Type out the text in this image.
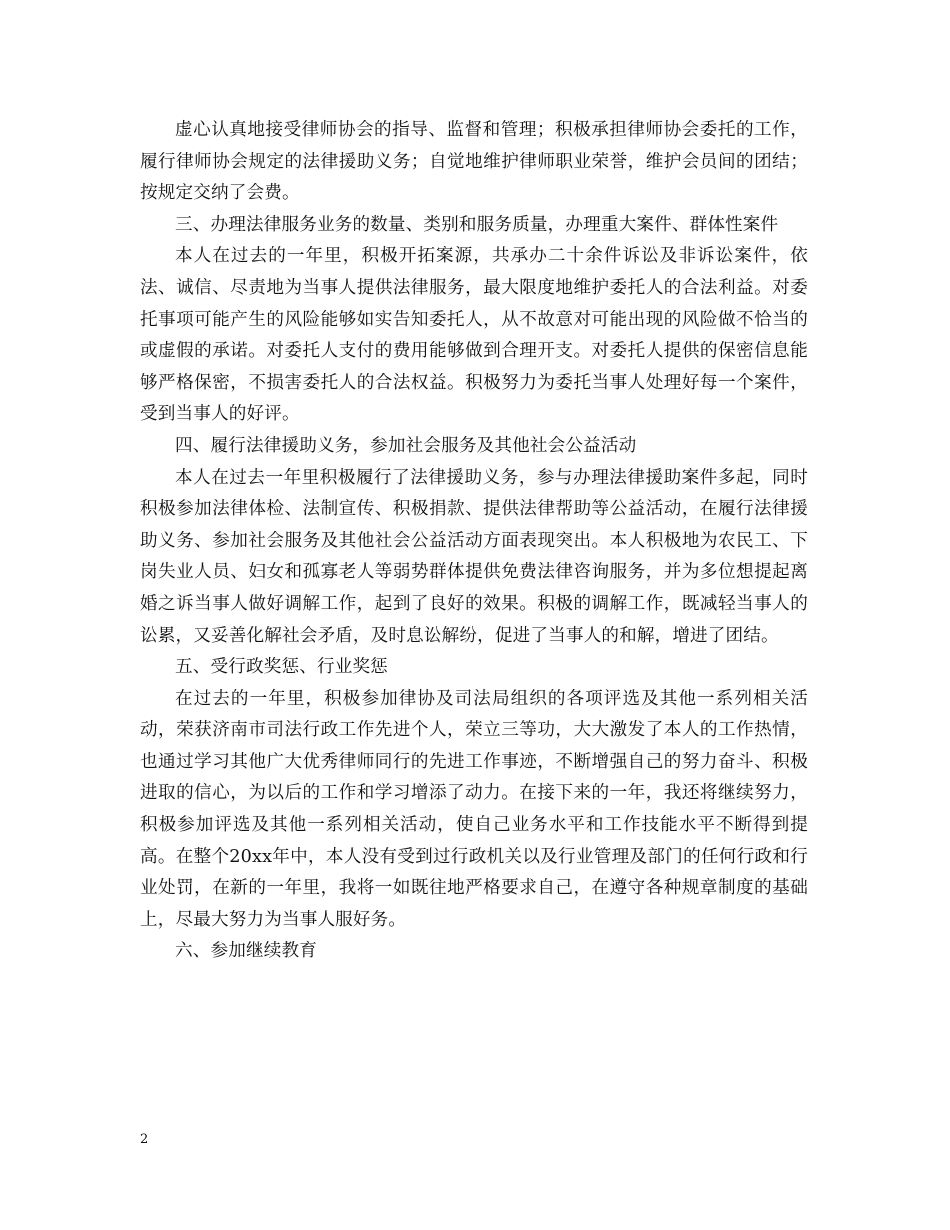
虚心认真地接受律师协会的指导、监督和管理；积极承担律师协会委托的工作，履行律师协会规定的法律援助义务；自觉地维护律师职业荣誉，维护会员间的团结；按规定交纳了会费。

三、办理法律服务业务的数量、类别和服务质量，办理重大案件、群体性案件

本人在过去的一年里，积极开拓案源，共承办二十余件诉讼及非诉讼案件，依法、诚信、尽责地为当事人提供法律服务，最大限度地维护委托人的合法利益。对委托事项可能产生的风险能够如实告知委托人，从不故意对可能出现的风险做不恰当的或虚假的承诺。对委托人支付的费用能够做到合理开支。对委托人提供的保密信息能够严格保密，不损害委托人的合法权益。积极努力为委托当事人处理好每一个案件，受到当事人的好评。

四、履行法律援助义务，参加社会服务及其他社会公益活动

本人在过去一年里积极履行了法律援助义务，参与办理法律援助案件多起，同时积极参加法律体检、法制宣传、积极捐款、提供法律帮助等公益活动，在履行法律援助义务、参加社会服务及其他社会公益活动方面表现突出。本人积极地为农民工、下岗失业人员、妇女和孤寡老人等弱势群体提供免费法律咨询服务，并为多位想提起离婚之诉当事人做好调解工作，起到了良好的效果。积极的调解工作，既减轻当事人的讼累，又妥善化解社会矛盾，及时息讼解纷，促进了当事人的和解，增进了团结。

五、受行政奖惩、行业奖惩

在过去的一年里，积极参加律协及司法局组织的各项评选及其他一系列相关活动，荣获济南市司法行政工作先进个人，荣立三等功，大大激发了本人的工作热情，也通过学习其他广大优秀律师同行的先进工作事迹，不断增强自己的努力奋斗、积极进取的信心，为以后的工作和学习增添了动力。在接下来的一年，我还将继续努力，积极参加评选及其他一系列相关活动，使自己业务水平和工作技能水平不断得到提高。在整个20xx年中，本人没有受到过行政机关以及行业管理及部门的任何行政和行业处罚，在新的一年里，我将一如既往地严格要求自己，在遵守各种规章制度的基础上，尽最大努力为当事人服好务。

六、参加继续教育

2
